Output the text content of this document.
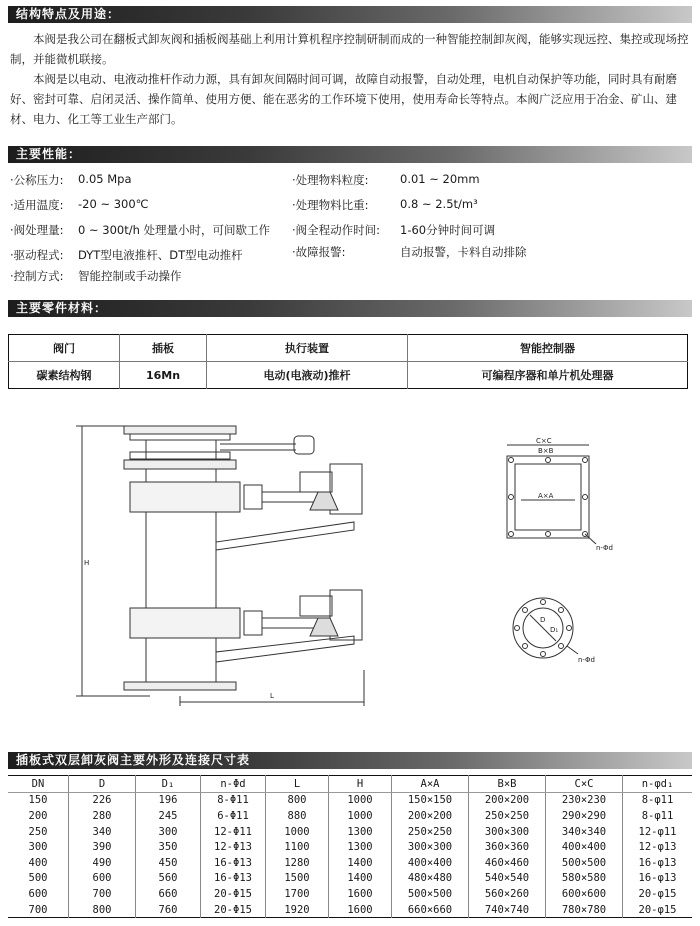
结构特点及用途：
本阀是我公司在翻板式卸灰阀和插板阀基础上利用计算机程序控制研制而成的一种智能控制卸灰阀，能够实现远控、集控或现场控制，并能微机联接。
本阀是以电动、电液动推杆作动力源，具有卸灰间隔时间可调，故障自动报警，自动处理，电机自动保护等功能，同时具有耐磨好、密封可靠、启闭灵活、操作简单、使用方便、能在恶劣的工作环境下使用，使用寿命长等特点。本阀广泛应用于冶金、矿山、建材、电力、化工等工业生产部门。
主要性能：
·公称压力: 0.05 Mpa
·适用温度: -20 ~ 300℃
·阀处理量: 0 ~ 300t/h 处理量小时，可间歇工作
·驱动程式: DYT型电液推杆、DT型电动推杆
·控制方式: 智能控制或手动操作
·处理物料粒度:	0.01 ~ 20mm
·处理物料比重:	0.8 ~ 2.5t/m³
·阀全程动作时间: 1-60分钟时间可调
·故障报警:	自动报警，卡料自动排除
主要零件材料：
阀门	插板	执行装置	智能控制器
碳素结构钢	16Mn	电动(电液动)推杆	可编程序器和单片机处理器
H
L
C×C
B×B
A×A
n-Φd
D
D₁
n-Φd
插板式双层卸灰阀主要外形及连接尺寸表
DN	D	D₁	n-Φd	L	H	A×A	B×B	C×C	n-φd₁
150	226	196	8-Φ11	800	1000	150×150	200×200	230×230	8-φ11
200	280	245	6-Φ11	880	1000	200×200	250×250	290×290	8-φ11
250	340	300	12-Φ11	1000	1300	250×250	300×300	340×340	12-φ11
300	390	350	12-Φ13	1100	1300	300×300	360×360	400×400	12-φ13
400	490	450	16-Φ13	1280	1400	400×400	460×460	500×500	16-φ13
500	600	560	16-Φ13	1500	1400	480×480	540×540	580×580	16-φ13
600	700	660	20-Φ15	1700	1600	500×500	560×260	600×600	20-φ15
700	800	760	20-Φ15	1920	1600	660×660	740×740	780×780	20-φ15
